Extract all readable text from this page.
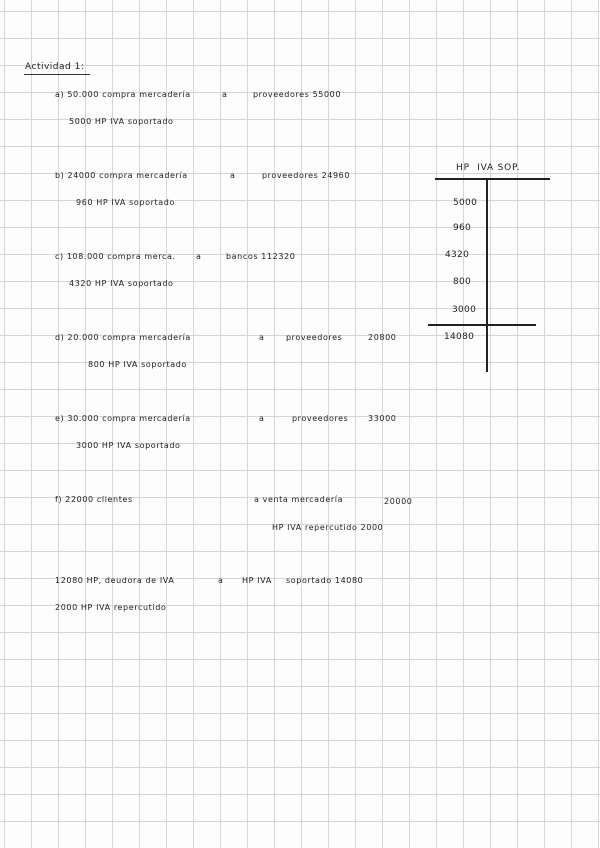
Actividad 1:
a) 50.000 compra mercadería	a	proveedores 55000
5000 HP IVA soportado
b) 24000 compra mercadería	a	proveedores 24960
960 HP IVA soportado
c) 108.000 compra merca.	a	bancos 112320
4320 HP IVA soportado
d) 20.000 compra mercadería	a	proveedores	20800
800 HP IVA soportado
e) 30.000 compra mercadería	a	proveedores 33000
3000 HP IVA soportado
f) 22000 clientes	a venta mercadería	20000
HP IVA repercutido 2000
12080 HP, deudora de IVA	a HP IVA soportado 14080
2000 HP IVA repercutido
HP  IVA SOP.
5000
960
4320
800
3000
14080
